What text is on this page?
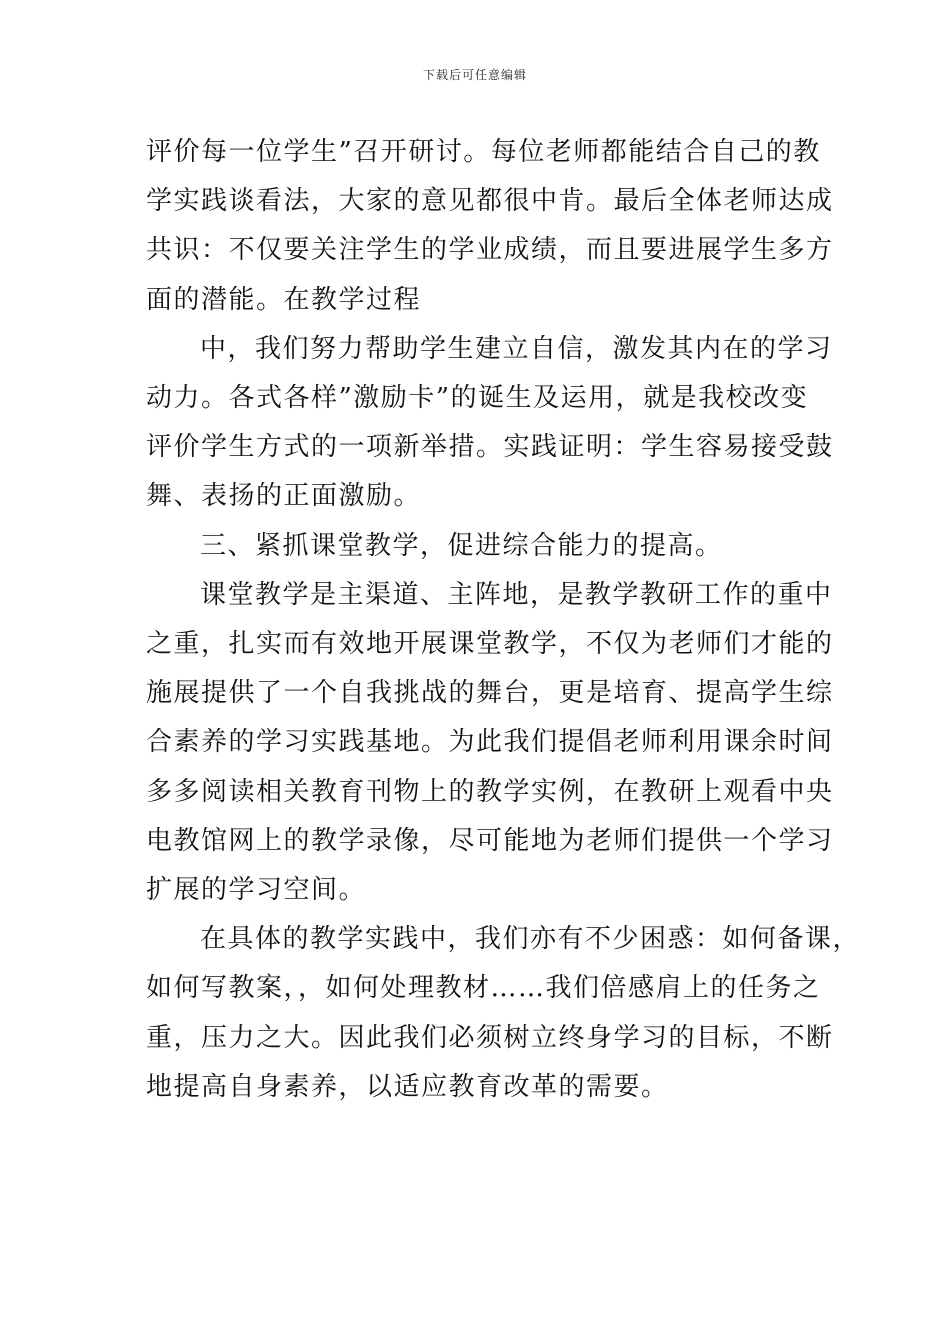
下载后可任意编辑

评价每一位学生”召开研讨。每位老师都能结合自己的教

学实践谈看法，大家的意见都很中肯。最后全体老师达成

共识：不仅要关注学生的学业成绩，而且要进展学生多方

面的潜能。在教学过程

中，我们努力帮助学生建立自信，激发其内在的学习

动力。各式各样”激励卡”的诞生及运用，就是我校改变

评价学生方式的一项新举措。实践证明：学生容易接受鼓

舞、表扬的正面激励。

三、紧抓课堂教学，促进综合能力的提高。

课堂教学是主渠道、主阵地，是教学教研工作的重中

之重，扎实而有效地开展课堂教学，不仅为老师们才能的

施展提供了一个自我挑战的舞台，更是培育、提高学生综

合素养的学习实践基地。为此我们提倡老师利用课余时间

多多阅读相关教育刊物上的教学实例，在教研上观看中央

电教馆网上的教学录像，尽可能地为老师们提供一个学习

扩展的学习空间。

在具体的教学实践中，我们亦有不少困惑：如何备课，

如何写教案，，如何处理教材……我们倍感肩上的任务之

重，压力之大。因此我们必须树立终身学习的目标，不断

地提高自身素养，以适应教育改革的需要。
